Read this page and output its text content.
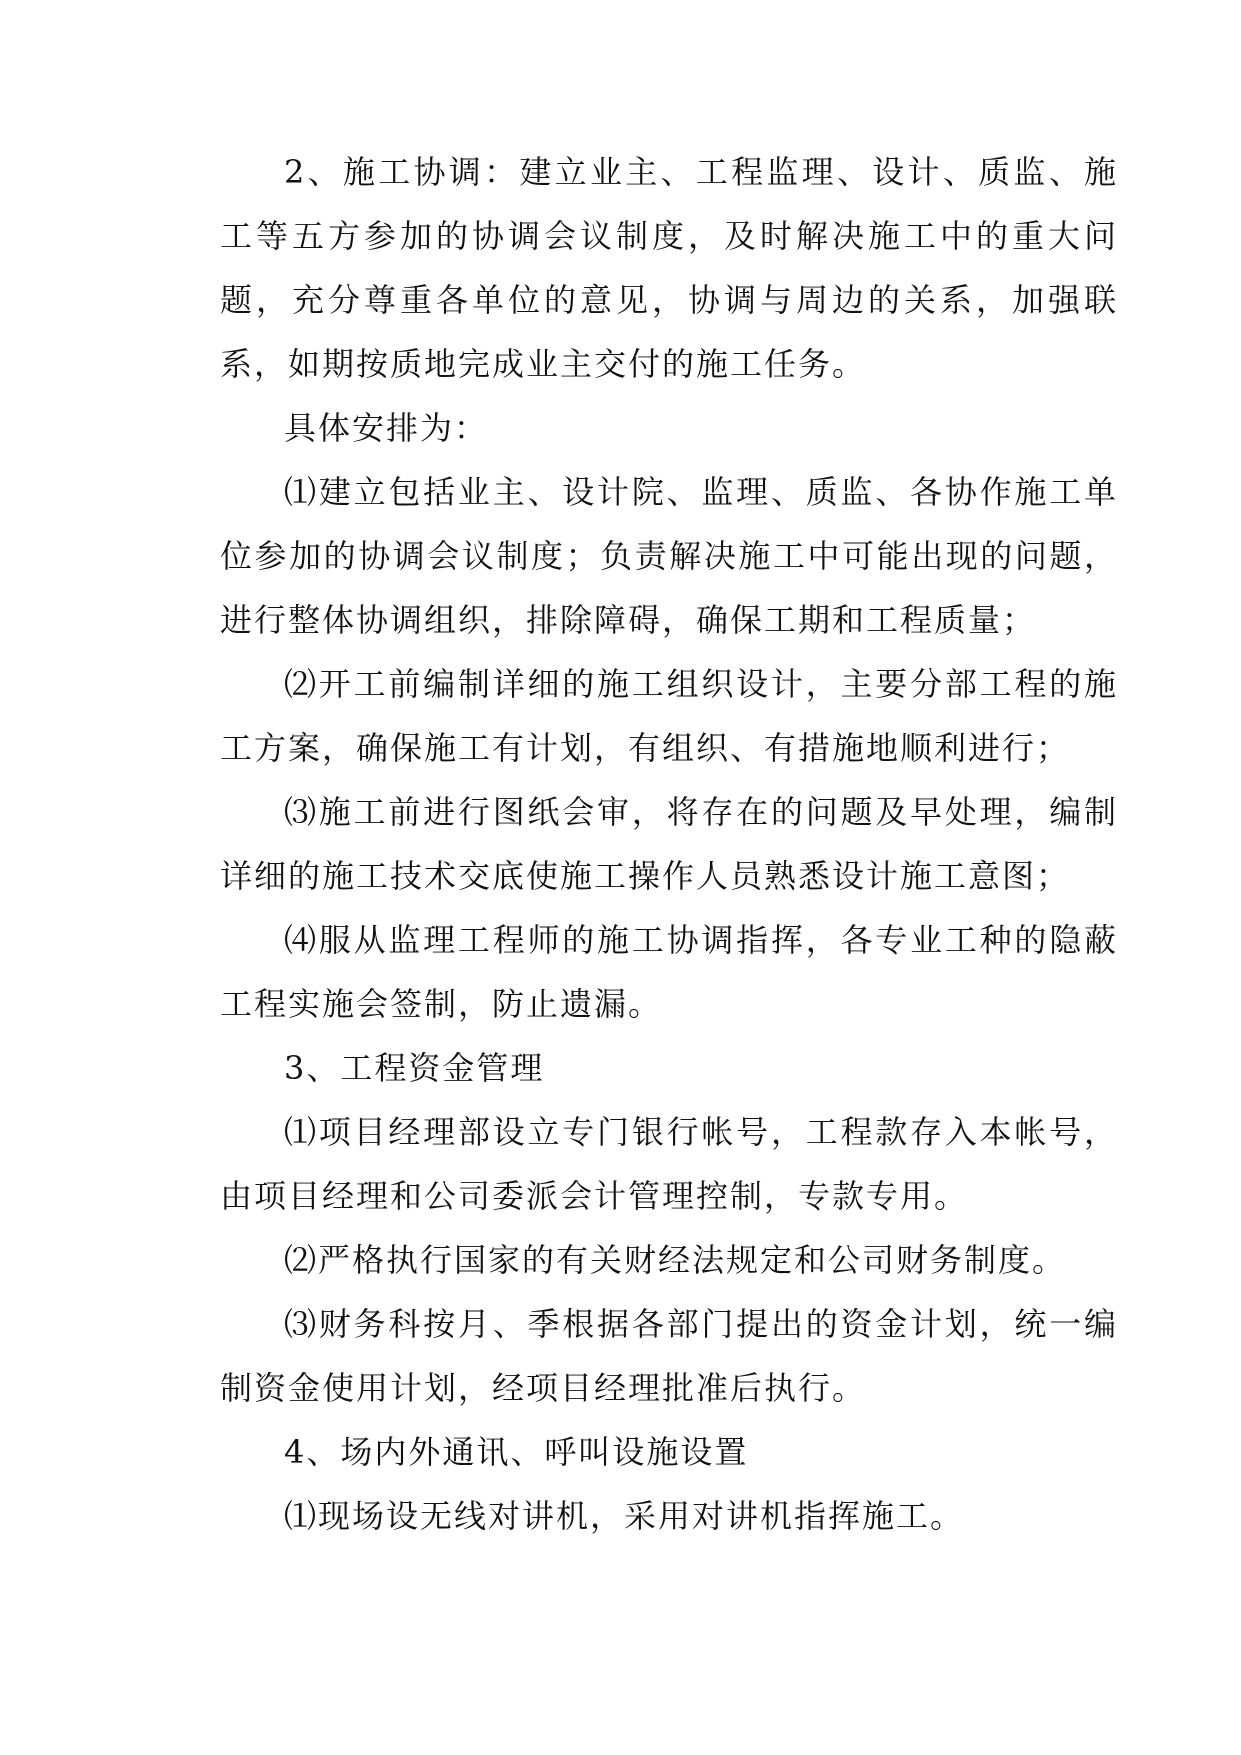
2、施工协调：建立业主、工程监理、设计、质监、施工等五方参加的协调会议制度，及时解决施工中的重大问题，充分尊重各单位的意见，协调与周边的关系，加强联系，如期按质地完成业主交付的施工任务。

具体安排为：

⑴建立包括业主、设计院、监理、质监、各协作施工单位参加的协调会议制度；负责解决施工中可能出现的问题，进行整体协调组织，排除障碍，确保工期和工程质量；

⑵开工前编制详细的施工组织设计，主要分部工程的施工方案，确保施工有计划，有组织、有措施地顺利进行；

⑶施工前进行图纸会审，将存在的问题及早处理，编制详细的施工技术交底使施工操作人员熟悉设计施工意图；

⑷服从监理工程师的施工协调指挥，各专业工种的隐蔽工程实施会签制，防止遗漏。

3、工程资金管理

⑴项目经理部设立专门银行帐号，工程款存入本帐号，由项目经理和公司委派会计管理控制，专款专用。

⑵严格执行国家的有关财经法规定和公司财务制度。

⑶财务科按月、季根据各部门提出的资金计划，统一编制资金使用计划，经项目经理批准后执行。

4、场内外通讯、呼叫设施设置

⑴现场设无线对讲机，采用对讲机指挥施工。
